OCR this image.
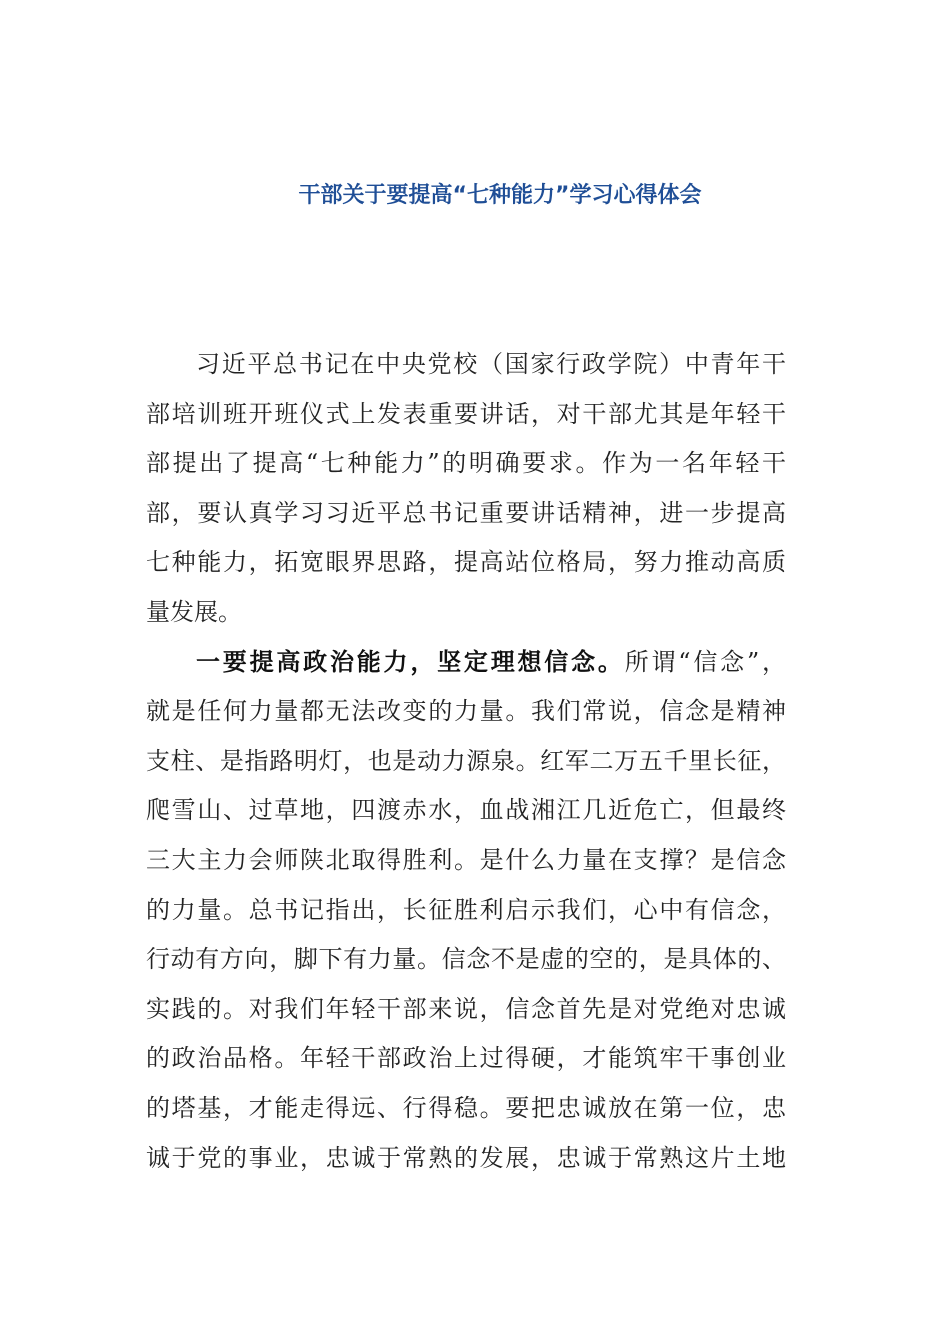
干部关于要提高“七种能力”学习心得体会
习近平总书记在中央党校（国家行政学院）中青年干
部培训班开班仪式上发表重要讲话，对干部尤其是年轻干
部提出了提高“七种能力”的明确要求。作为一名年轻干
部，要认真学习习近平总书记重要讲话精神，进一步提高
七种能力，拓宽眼界思路，提高站位格局，努力推动高质
量发展。
一要提高政治能力，坚定理想信念。所谓“信念”，
就是任何力量都无法改变的力量。我们常说，信念是精神
支柱、是指路明灯，也是动力源泉。红军二万五千里长征，
爬雪山、过草地，四渡赤水，血战湘江几近危亡，但最终
三大主力会师陕北取得胜利。是什么力量在支撑？是信念
的力量。总书记指出，长征胜利启示我们，心中有信念，
行动有方向，脚下有力量。信念不是虚的空的，是具体的、
实践的。对我们年轻干部来说，信念首先是对党绝对忠诚
的政治品格。年轻干部政治上过得硬，才能筑牢干事创业
的塔基，才能走得远、行得稳。要把忠诚放在第一位，忠
诚于党的事业，忠诚于常熟的发展，忠诚于常熟这片土地
